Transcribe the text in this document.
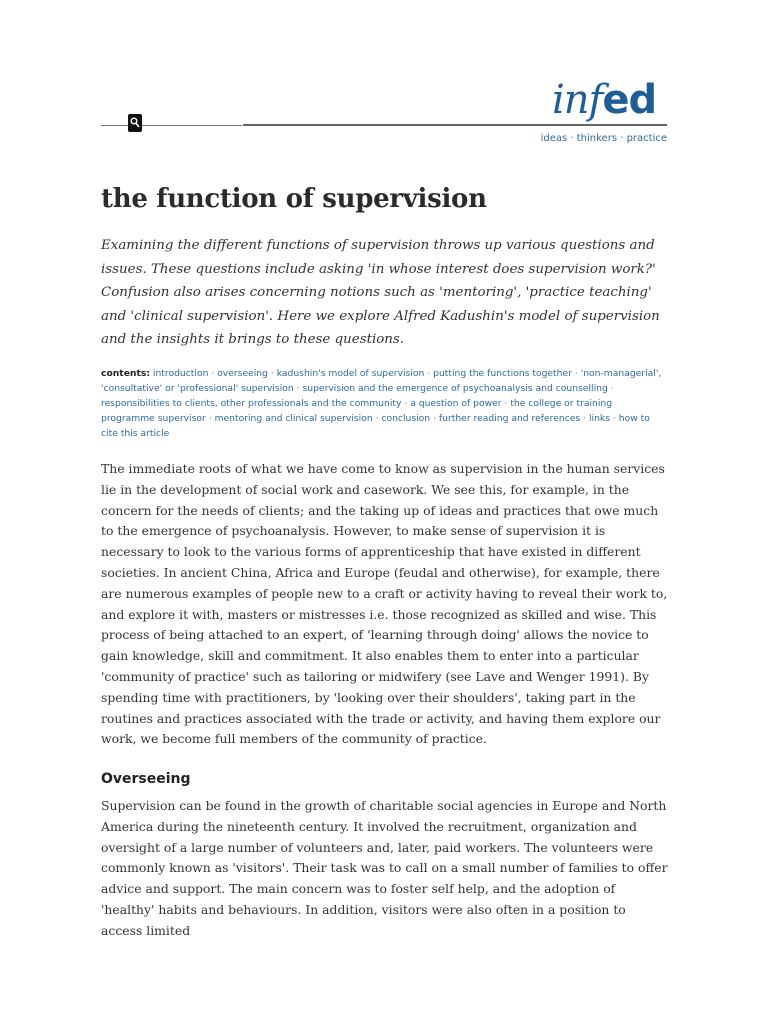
infed
ideas · thinkers · practice
the function of supervision

Examining the different functions of supervision throws up various questions and issues. These questions include asking 'in whose interest does supervision work?' Confusion also arises concerning notions such as 'mentoring', 'practice teaching' and 'clinical supervision'. Here we explore Alfred Kadushin's model of supervision and the insights it brings to these questions.

contents: introduction · overseeing · kadushin's model of supervision · putting the functions together · 'non-managerial', 'consultative' or 'professional' supervision · supervision and the emergence of psychoanalysis and counselling · responsibilities to clients, other professionals and the community · a question of power · the college or training programme supervisor · mentoring and clinical supervision · conclusion · further reading and references · links · how to cite this article

The immediate roots of what we have come to know as supervision in the human services lie in the development of social work and casework. We see this, for example, in the concern for the needs of clients; and the taking up of ideas and practices that owe much to the emergence of psychoanalysis. However, to make sense of supervision it is necessary to look to the various forms of apprenticeship that have existed in different societies. In ancient China, Africa and Europe (feudal and otherwise), for example, there are numerous examples of people new to a craft or activity having to reveal their work to, and explore it with, masters or mistresses i.e. those recognized as skilled and wise. This process of being attached to an expert, of 'learning through doing' allows the novice to gain knowledge, skill and commitment. It also enables them to enter into a particular 'community of practice' such as tailoring or midwifery (see Lave and Wenger 1991). By spending time with practitioners, by 'looking over their shoulders', taking part in the routines and practices associated with the trade or activity, and having them explore our work, we become full members of the community of practice.

Overseeing

Supervision can be found in the growth of charitable social agencies in Europe and North America during the nineteenth century. It involved the recruitment, organization and oversight of a large number of volunteers and, later, paid workers. The volunteers were commonly known as 'visitors'. Their task was to call on a small number of families to offer advice and support. The main concern was to foster self help, and the adoption of 'healthy' habits and behaviours. In addition, visitors were also often in a position to access limited
